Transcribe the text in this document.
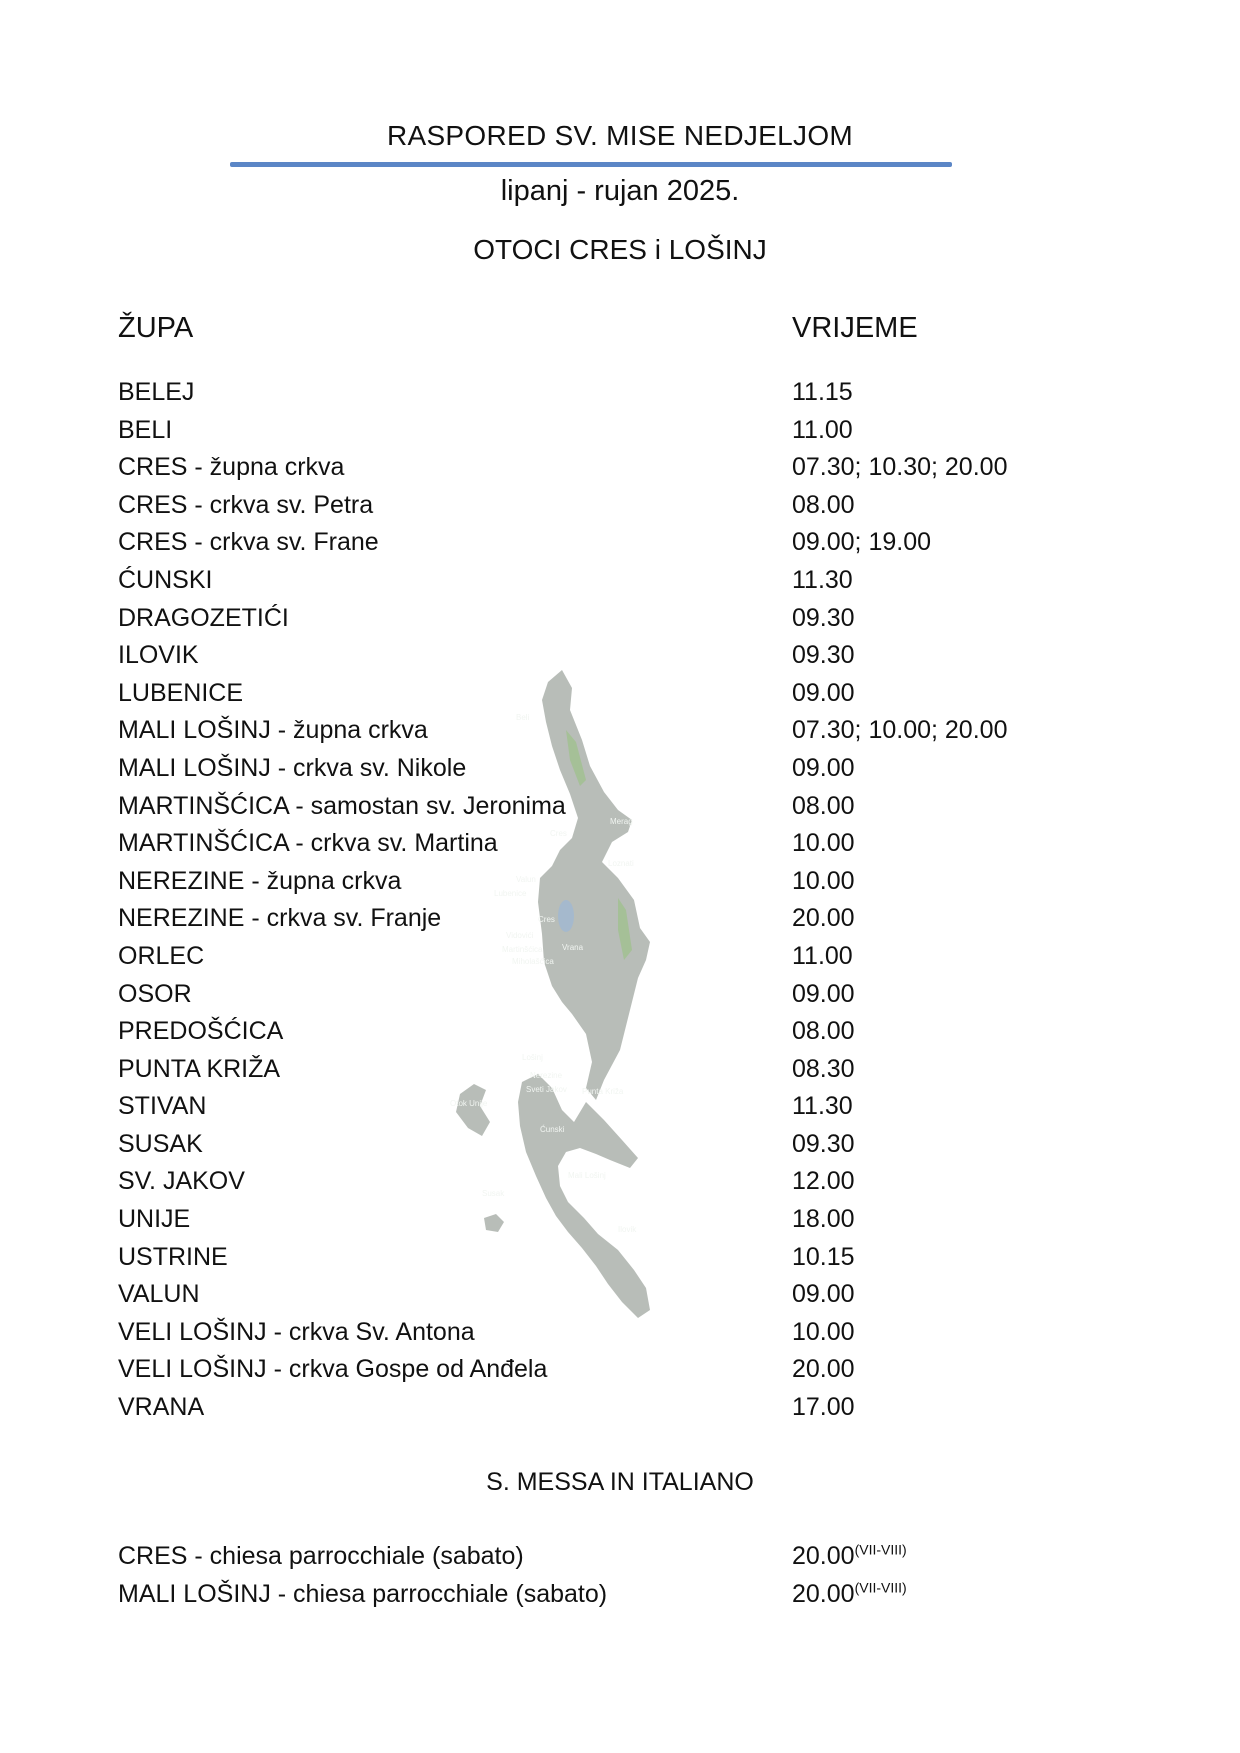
RASPORED SV. MISE NEDJELJOM
lipanj - rujan 2025.
OTOCI CRES i LOŠINJ
ŽUPA	VRIJEME
Beli
Merag
Cres
Loznati
Valun
Lubenice
Cres
Vidovići
Martinšćica Vrana
Miholašćica
Lošinj
Nerezine
Sveti Jakov Punta Križa
Otok Unije
Ćunski
Mali Lošinj
Susak
Ilovik
BELEJ	11.15
BELI	11.00
CRES - župna crkva	07.30; 10.30; 20.00
CRES - crkva sv. Petra	08.00
CRES - crkva sv. Frane	09.00; 19.00
ĆUNSKI	11.30
DRAGOZETIĆI	09.30
ILOVIK	09.30
LUBENICE	09.00
MALI LOŠINJ - župna crkva	07.30; 10.00; 20.00
MALI LOŠINJ - crkva sv. Nikole	09.00
MARTINŠĆICA - samostan sv. Jeronima	08.00
MARTINŠĆICA - crkva sv. Martina	10.00
NEREZINE - župna crkva	10.00
NEREZINE - crkva sv. Franje	20.00
ORLEC	11.00
OSOR	09.00
PREDOŠĆICA	08.00
PUNTA KRIŽA	08.30
STIVAN	11.30
SUSAK	09.30
SV. JAKOV	12.00
UNIJE	18.00
USTRINE	10.15
VALUN	09.00
VELI LOŠINJ - crkva Sv. Antona	10.00
VELI LOŠINJ - crkva Gospe od Anđela	20.00
VRANA	17.00
S. MESSA IN ITALIANO
CRES - chiesa parrocchiale (sabato)	$20.00^{(VII-VIII)}$
MALI LOŠINJ - chiesa parrocchiale (sabato)	$20.00^{(VII-VIII)}$
